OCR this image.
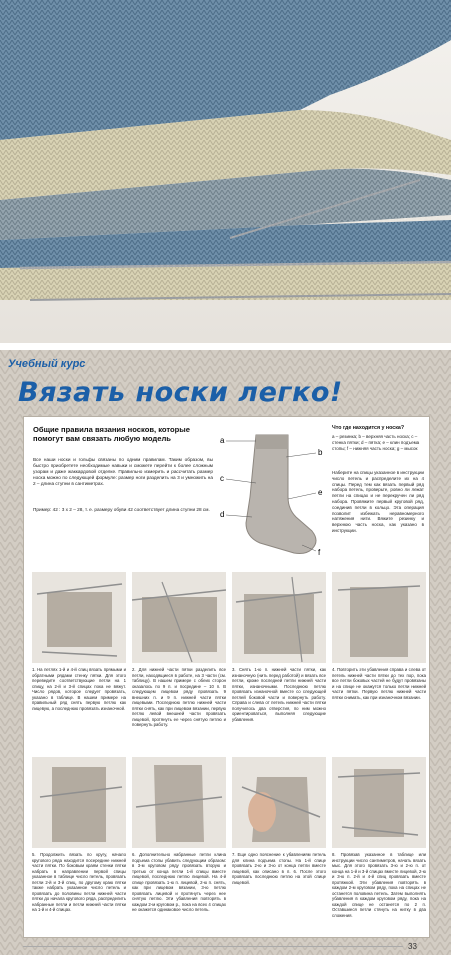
Учебный курс
Вязать носки легко!
Общие правила вязания носков, которые помогут вам связать любую модель
Все наши носки и гольфы связаны по одним правилам. Таким образом, вы быстро приобретете необходимые навыки и сможете перейти к более сложным узорам и даже жаккардовой отделке. Правильно измерить и рассчитать размер носка можно по следующей формуле: размер ноги разделить на 3 и умножить на 2 – длина ступни в сантиметрах.
Пример: 42 : 3 х 2 – 28, т. е. размеру обуви 42 соответствует длина ступни 28 см.
a
b
c
d
e
f
Что где находится у носка?
а – резинка; b – верхняя часть носка; c – стенка пятки; d – пятка; e – клин подъема стопы; f – нижняя часть носка; g – мысок
Наберите на спицы указанное в инструкции число петель и распределите их на 4 спицы. Перед тем как вязать первый ряд набора петель, проверьте, ровно ли лежат петли на спицах и не перекручен ли ряд набора. Провяжите первый круговой ряд, соединив петли в кольцо. Эта операция позволит избежать неравномерного натяжения нити. Вяжите резинку и верхнюю часть носка, как указано в инструкции.
1. На петлях 1-й и 4-й спиц вязать прямыми и обратными рядами стенку пятки. Для этого переведите соответствующие петли на 1 спицу, на 2-й и 3-й спицах пока не вяжут. Число рядов, которое следует провязать, указано в таблице. В нашем примере на правильный ряд снять первую петлю как лицевую, а последнюю провязать изнаночной.
2. Для нижней части пятки разделить все петли, находящиеся в работе, на 3 части (см. таблицу). В нашем примере с обеих сторон оказалось по 9 п. и посредине – 10 п. В следующем лицевом ряду провязать 9 внешних п. и 9 п. нижней части пятки лицевыми. Последнюю петлю нижней части пятки снять, как при лицевом вязании, первую петлю левой внешней части провязать лицевой, протянуть ее через снятую петлю и повернуть работу.
3. Снять 1-ю п. нижней части пятки, как изнаночную (нить перед работой) и вязать все петли, кроме последней петли нижней части пятки, изнаночными. Последнюю петлю провязать изнаночной вместе со следующей петлей боковой части и повернуть работу. Справа и слева от петель нижней части пятки получилось два отверстия, по ним можно ориентироваться, выполняя следующие убавления.
4. Повторить эти убавления справа и слева от петель нижней части пятки до тех пор, пока все петли боковых частей не будут провязаны и на спице не окажутся только петли нижней части пятки. Первую петлю нижней части пятки снимать, как при изнаночном вязании.
5. Продолжить вязать по кругу, начало кругового ряда находится посередине нижней части пятки. По боковым краям стенки пятки набрать в направлении первой спицы указанное в таблице число петель, провязать петли 2-й и 3-й спиц, по другому краю пятки также набрать указанное число петель и провязать до половины петли нижней части пятки до начала кругового ряда, распределить набранные петли и петли нижней части пятки на 1-й и 4-й спицах.
6. Дополнительно набранные петли клина подъема стопы убавить следующим образом: в 3-м круговом ряду провязать вторую и третью от конца петли 1-й спицы вместе лицевой, последнюю петлю лицевой. На 4-й спице провязать 1-ю п. лицевой, 2-ю п. снять, как при лицевом вязании, 3-ю петлю провязать лицевой и протянуть через нее снятую петлю. Эти убавления повторять в каждом 2-м круговом р., пока на всех 4 спицах не окажется одинаковое число петель.
7. Еще одно пояснение к убавлениям петель для клина подъема стопы. На 1-й спице провязать 2-ю и 3-ю от конца петли вместе лицевой, как описано в п. 6. После этого провязать последнюю петлю на этой спице лицевой.
8. Провязав указанное в таблице или инструкции число сантиметров, начать вязать мыс. Для этого провязать 3-ю и 2-ю п. от конца на 1-й и 3-й спицах вместе лицевой, 2-ю и 3-ю п. 2-й и 4-й спиц провязать вместе протяжкой. Эти убавления повторять в каждом 2-м круговом ряду, пока на спицах не останется половина петель. Затем выполнять убавления в каждом круговом ряду, пока на каждой спице не останется по 2 п. Оставшиеся петли стянуть на нитку в два сложения.
33
